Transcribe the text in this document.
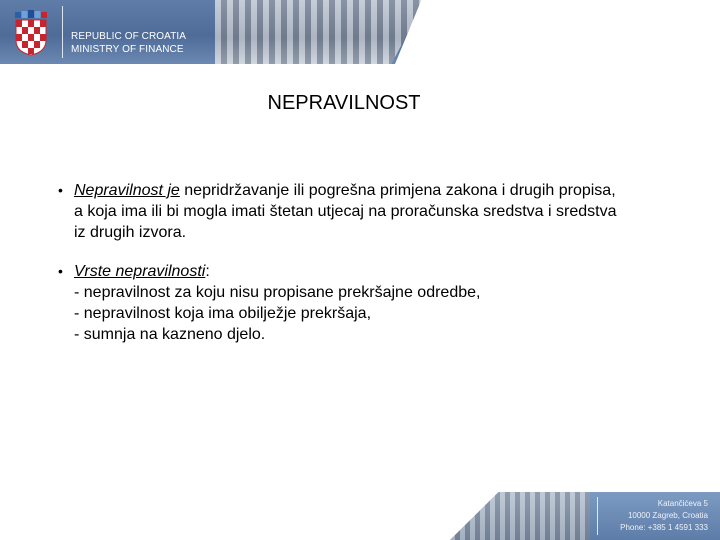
REPUBLIC OF CROATIA
MINISTRY OF FINANCE
NEPRAVILNOST
• Nepravilnost je nepridržavanje ili pogrešna primjena zakona i drugih propisa,
a koja ima ili bi mogla imati štetan utjecaj na proračunska sredstva i sredstva
iz drugih izvora.
• Vrste nepravilnosti:
- nepravilnost za koju nisu propisane prekršajne odredbe,
- nepravilnost koja ima obilježje prekršaja,
- sumnja na kazneno djelo.
Katančićeva 5
10000 Zagreb, Croatia
Phone: +385 1 4591 333
